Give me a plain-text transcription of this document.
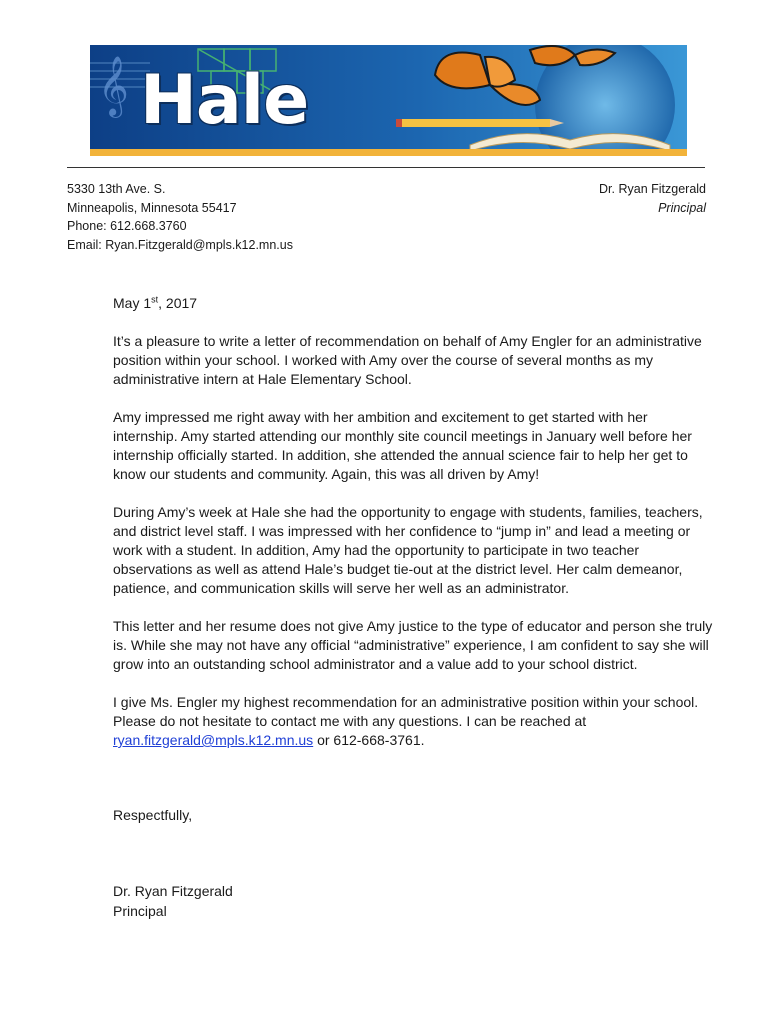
𝄞 Hale
5330 13th Ave. S.
Minneapolis, Minnesota 55417
Phone: 612.668.3760
Email: Ryan.Fitzgerald@mpls.k12.mn.us
Dr. Ryan Fitzgerald
Principal

May 1st, 2017

It’s a pleasure to write a letter of recommendation on behalf of Amy Engler for an administrative position within your school. I worked with Amy over the course of several months as my administrative intern at Hale Elementary School.

Amy impressed me right away with her ambition and excitement to get started with her internship. Amy started attending our monthly site council meetings in January well before her internship officially started. In addition, she attended the annual science fair to help her get to know our students and community. Again, this was all driven by Amy!

During Amy’s week at Hale she had the opportunity to engage with students, families, teachers, and district level staff. I was impressed with her confidence to “jump in” and lead a meeting or work with a student. In addition, Amy had the opportunity to participate in two teacher observations as well as attend Hale’s budget tie-out at the district level. Her calm demeanor, patience, and communication skills will serve her well as an administrator.

This letter and her resume does not give Amy justice to the type of educator and person she truly is. While she may not have any official “administrative” experience, I am confident to say she will grow into an outstanding school administrator and a value add to your school district.

I give Ms. Engler my highest recommendation for an administrative position within your school. Please do not hesitate to contact me with any questions. I can be reached at ryan.fitzgerald@mpls.k12.mn.us or 612-668-3761.

Respectfully,
Dr. Ryan Fitzgerald
Principal
